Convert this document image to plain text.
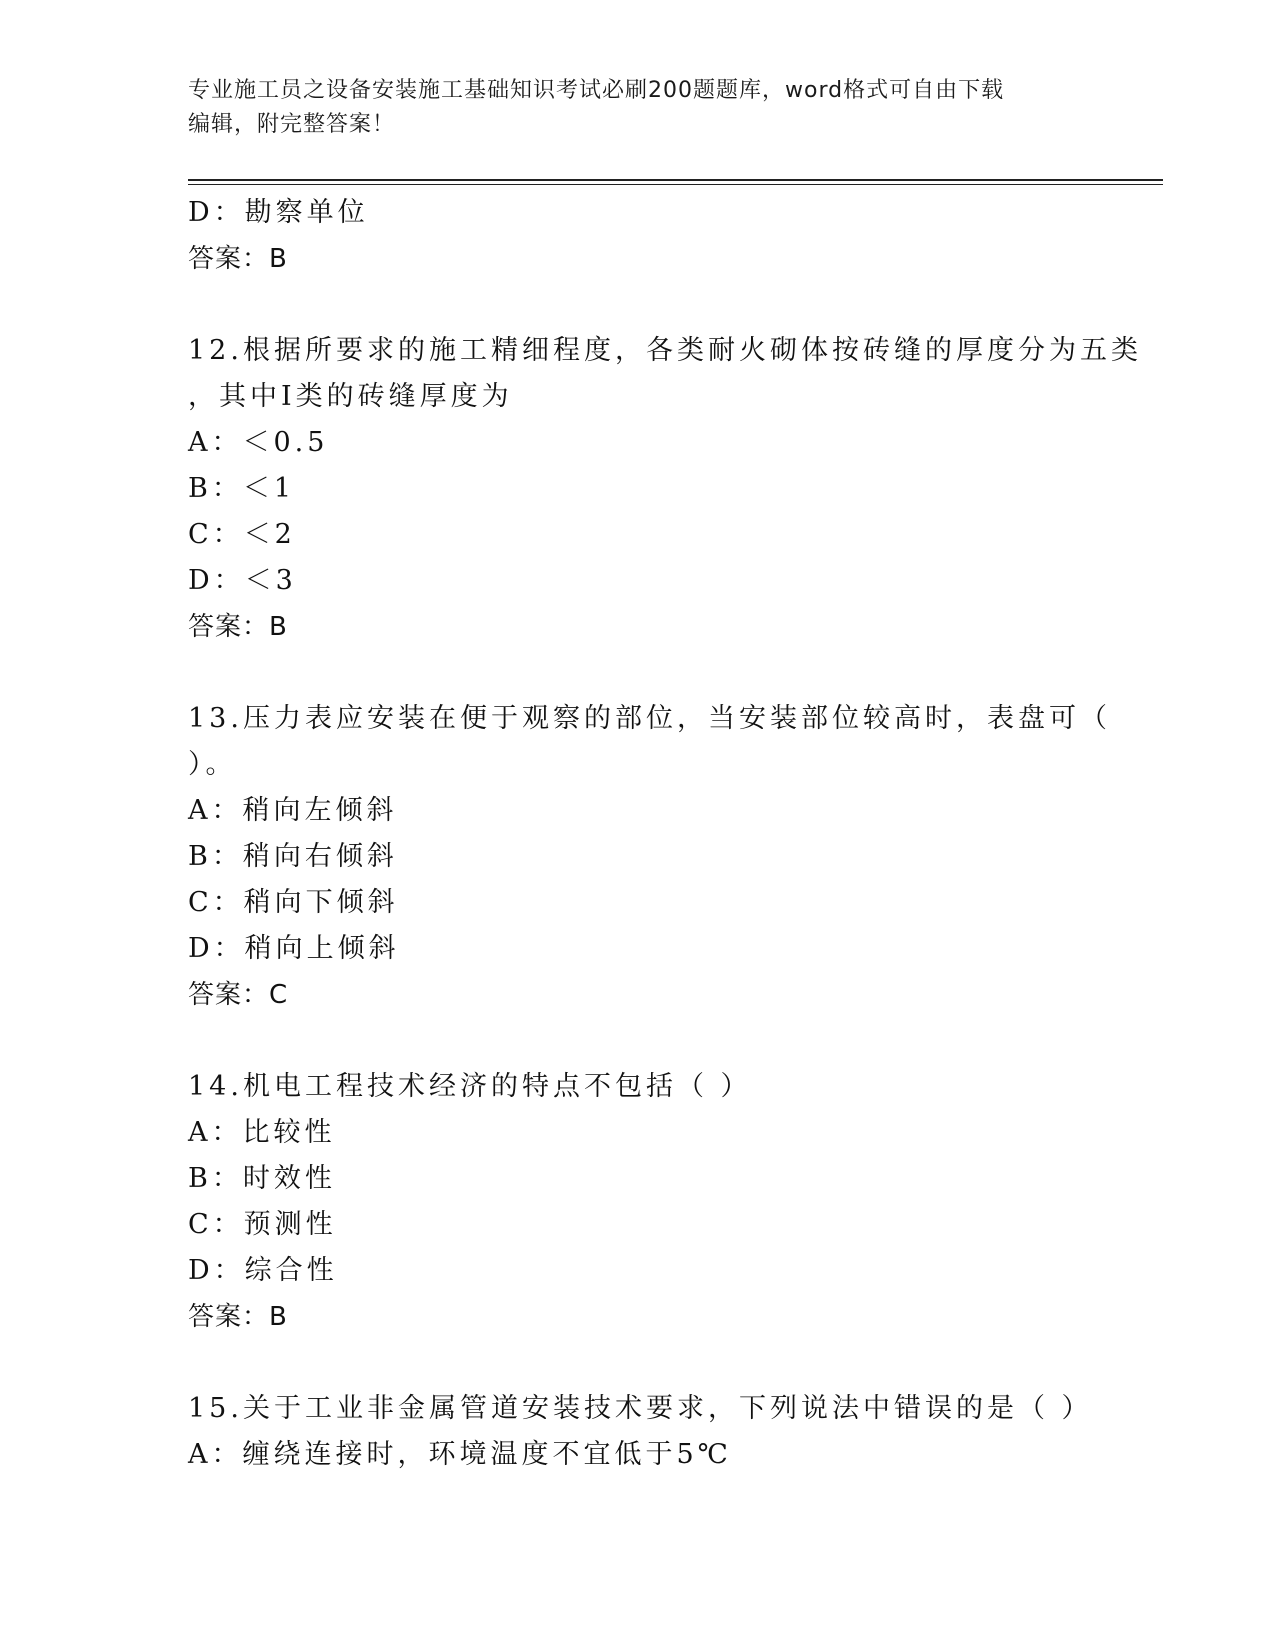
专业施工员之设备安装施工基础知识考试必刷200题题库，word格式可自由下载
编辑，附完整答案！
D：勘察单位
答案：B
12.根据所要求的施工精细程度，各类耐火砌体按砖缝的厚度分为五类
，其中Ⅰ类的砖缝厚度为
A：＜0.5
B：＜1
C：＜2
D：＜3
答案：B
13.压力表应安装在便于观察的部位，当安装部位较高时，表盘可（
）。
A：稍向左倾斜
B：稍向右倾斜
C：稍向下倾斜
D：稍向上倾斜
答案：C
14.机电工程技术经济的特点不包括（ ）
A：比较性
B：时效性
C：预测性
D：综合性
答案：B
15.关于工业非金属管道安装技术要求，下列说法中错误的是（ ）
A：缠绕连接时，环境温度不宜低于5℃
